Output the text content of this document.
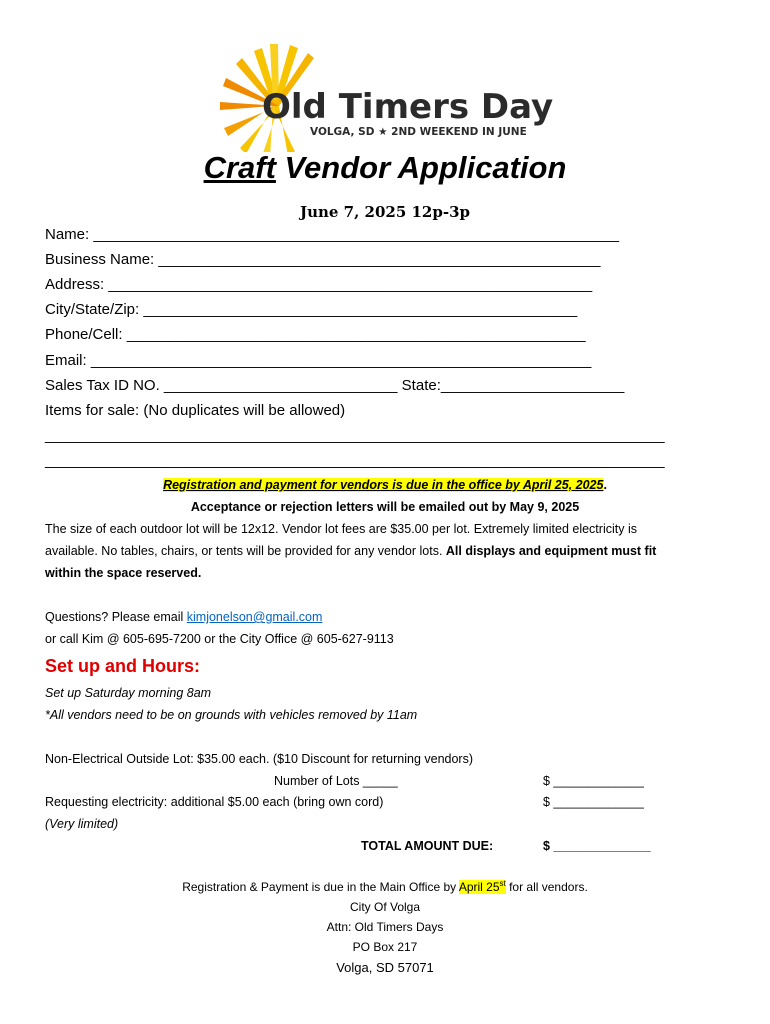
Old Timers Day
VOLGA, SD ★ 2ND WEEKEND IN JUNE
Craft Vendor Application
June 7, 2025 12p-3p
Name: _______________________________________________________________
Business Name: _____________________________________________________
Address: __________________________________________________________
City/State/Zip: ____________________________________________________
Phone/Cell: _______________________________________________________
Email: ____________________________________________________________
Sales Tax ID NO. ____________________________ State:______________________
Items for sale: (No duplicates will be allowed)
_____________________________________________________________________________
_____________________________________________________________________________
Registration and payment for vendors is due in the office by April 25, 2025.
Acceptance or rejection letters will be emailed out by May 9, 2025
The size of each outdoor lot will be 12x12. Vendor lot fees are $35.00 per lot. Extremely limited electricity is
available. No tables, chairs, or tents will be provided for any vendor lots. All displays and equipment must fit
within the space reserved.
Questions? Please email kimjonelson@gmail.com
or call Kim @ 605-695-7200 or the City Office @ 605-627-9113
Set up and Hours:
Set up Saturday morning 8am
*All vendors need to be on grounds with vehicles removed by 11am
Non-Electrical Outside Lot: $35.00 each. ($10 Discount for returning vendors)
Number of Lots _____	$ _____________
Requesting electricity: additional $5.00 each (bring own cord)	$ _____________
(Very limited)
TOTAL AMOUNT DUE:	$ ______________
Registration & Payment is due in the Main Office by April 25st for all vendors.
City Of Volga
Attn: Old Timers Days
PO Box 217
Volga, SD 57071
